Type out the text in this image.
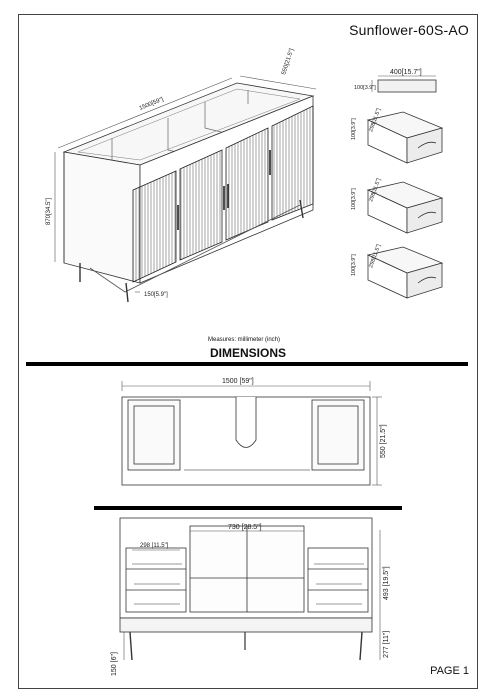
Sunflower-60S-AO
Measures: millimeter (inch)
DIMENSIONS
PAGE 1
1500[59"]
550[21.5"]
870[34.5"]
150[5.9"]
400[15.7"]
100[3.9"]
100[3.9"] 298[11.5"]
100[3.9"] 298[11.5"]
100[3.9"] 298[11.5"]
1500 [59"]
550 [21.5"]
730 [28.5"]
298 [11.5"]
493 [19.5"]
277 [11"]
150 [6"]
